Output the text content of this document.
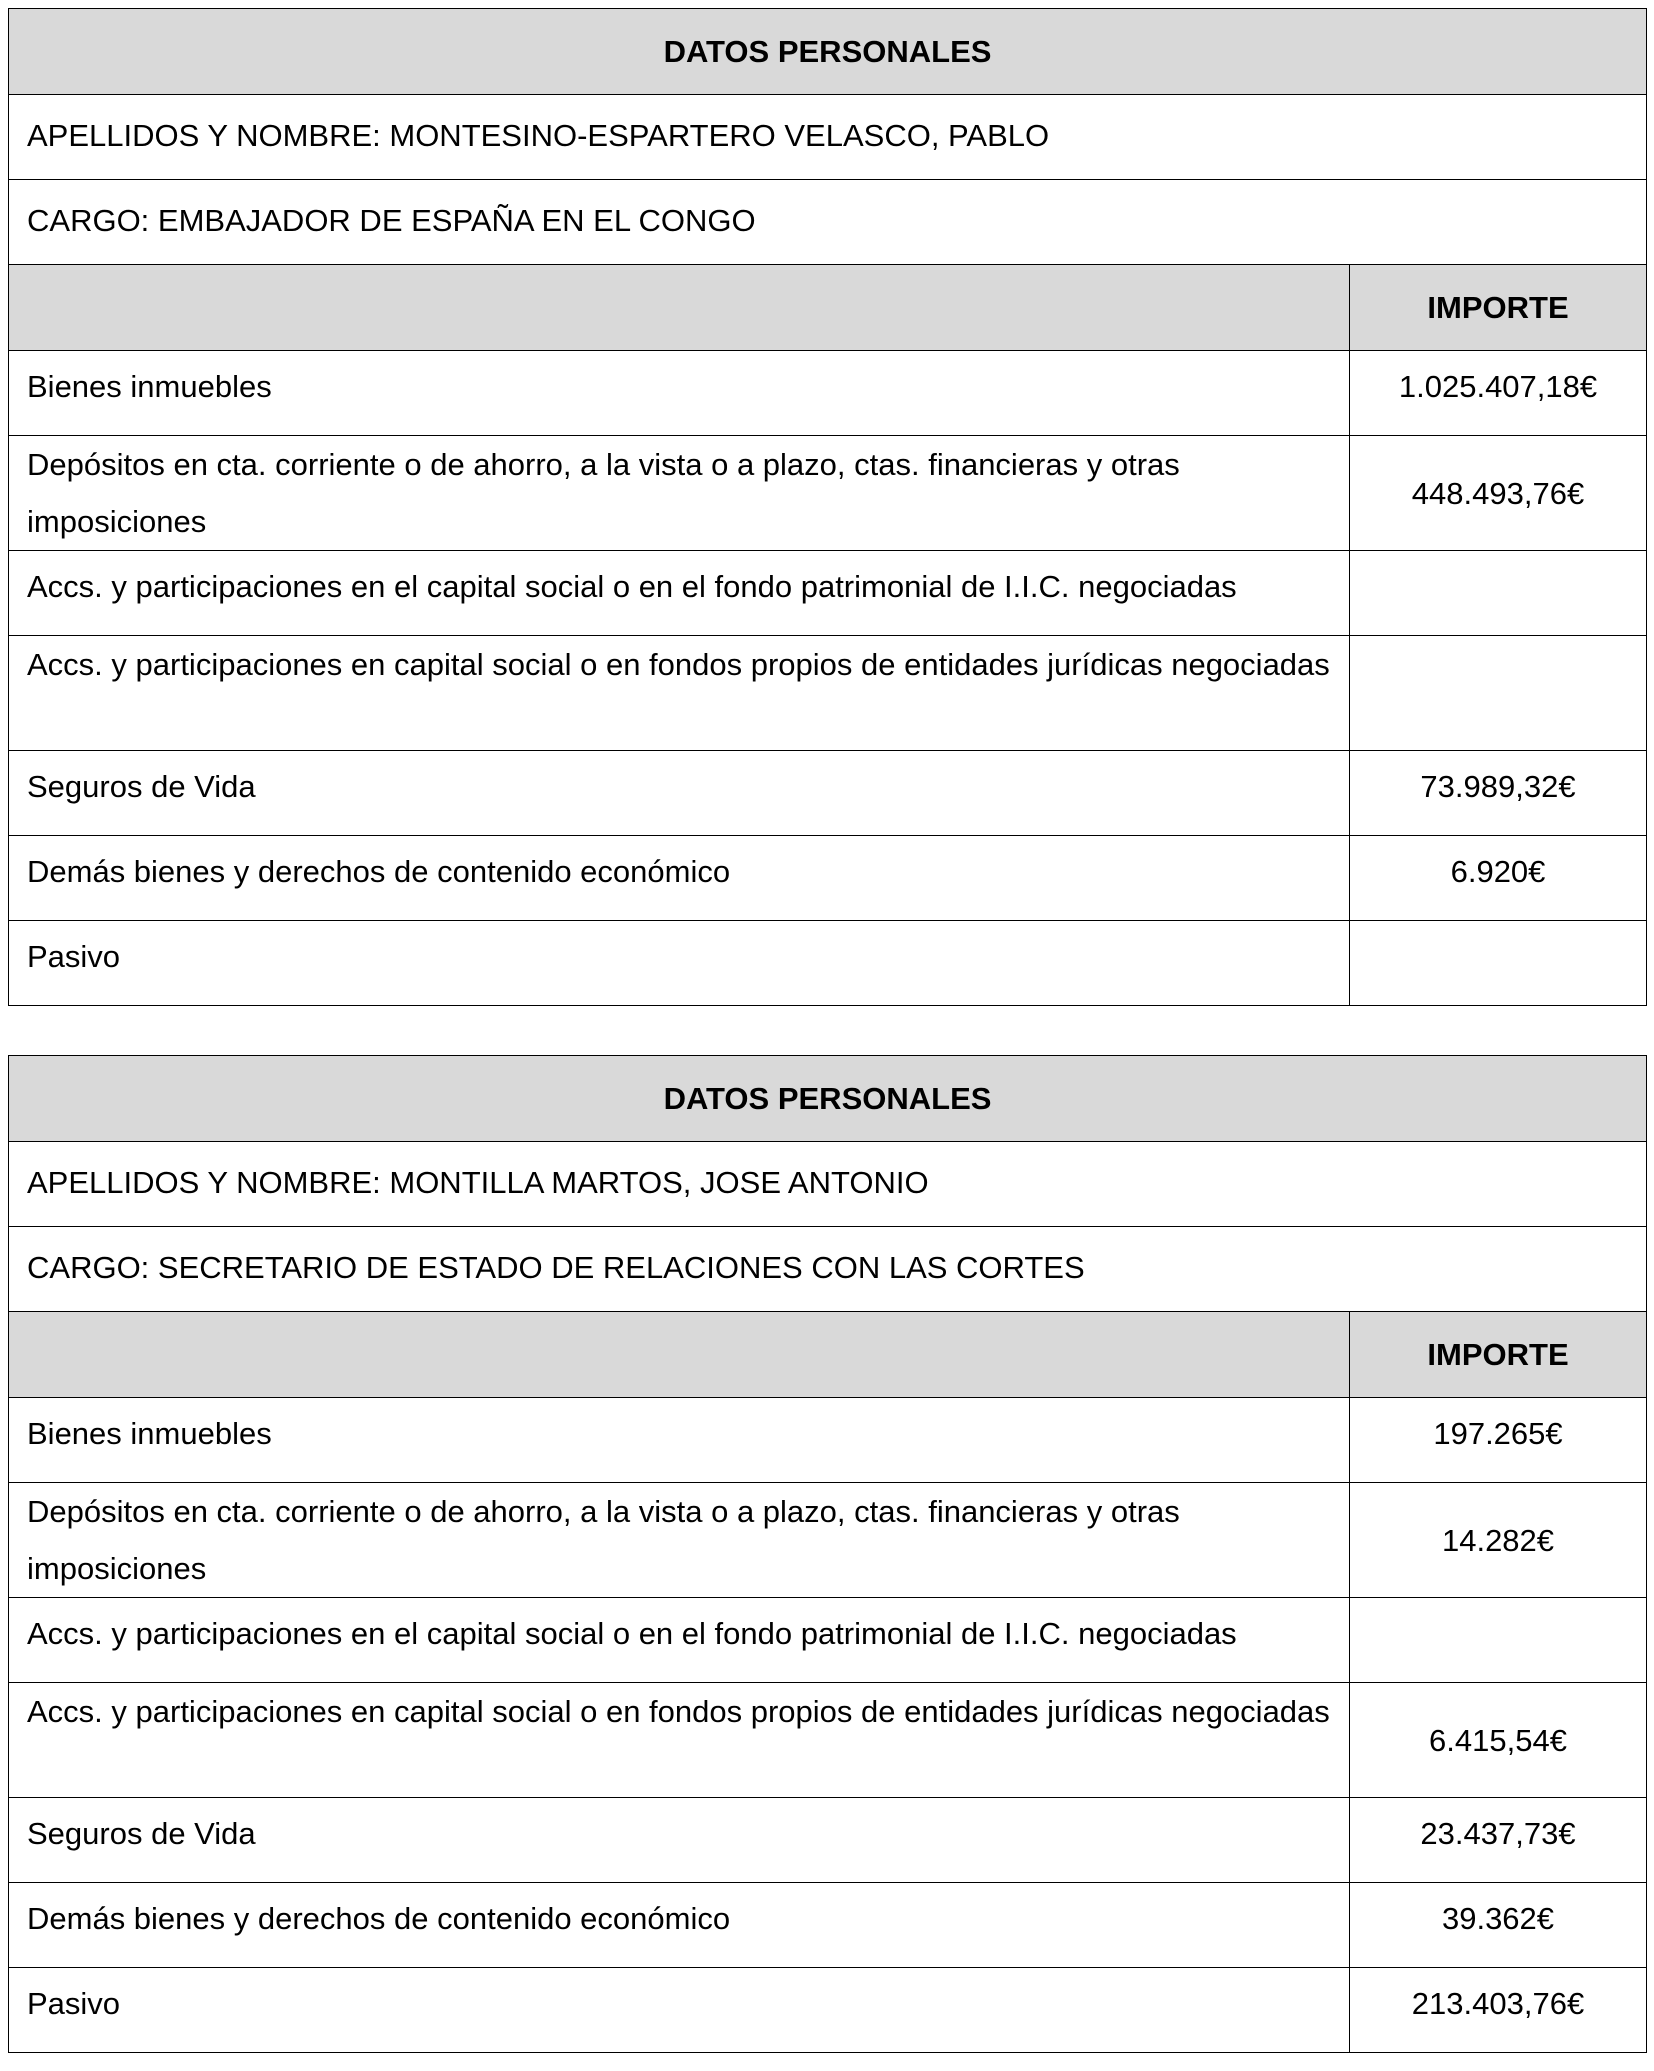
DATOS PERSONALES	
APELLIDOS Y NOMBRE: MONTESINO-ESPARTERO VELASCO, PABLO	
CARGO: EMBAJADOR DE ESPAÑA EN EL CONGO	
	IMPORTE
Bienes inmuebles	1.025.407,18€
Depósitos en cta. corriente o de ahorro, a la vista o a plazo, ctas. financieras y otras imposiciones	448.493,76€
Accs. y participaciones en el capital social o en el fondo patrimonial de I.I.C. negociadas	
Accs. y participaciones en capital social o en fondos propios de entidades jurídicas negociadas	
Seguros de Vida	73.989,32€
Demás bienes y derechos de contenido económico	6.920€
Pasivo	
DATOS PERSONALES	
APELLIDOS Y NOMBRE: MONTILLA MARTOS, JOSE ANTONIO	
CARGO: SECRETARIO DE ESTADO DE RELACIONES CON LAS CORTES	
	IMPORTE
Bienes inmuebles	197.265€
Depósitos en cta. corriente o de ahorro, a la vista o a plazo, ctas. financieras y otras imposiciones	14.282€
Accs. y participaciones en el capital social o en el fondo patrimonial de I.I.C. negociadas	
Accs. y participaciones en capital social o en fondos propios de entidades jurídicas negociadas	6.415,54€
Seguros de Vida	23.437,73€
Demás bienes y derechos de contenido económico	39.362€
Pasivo	213.403,76€
